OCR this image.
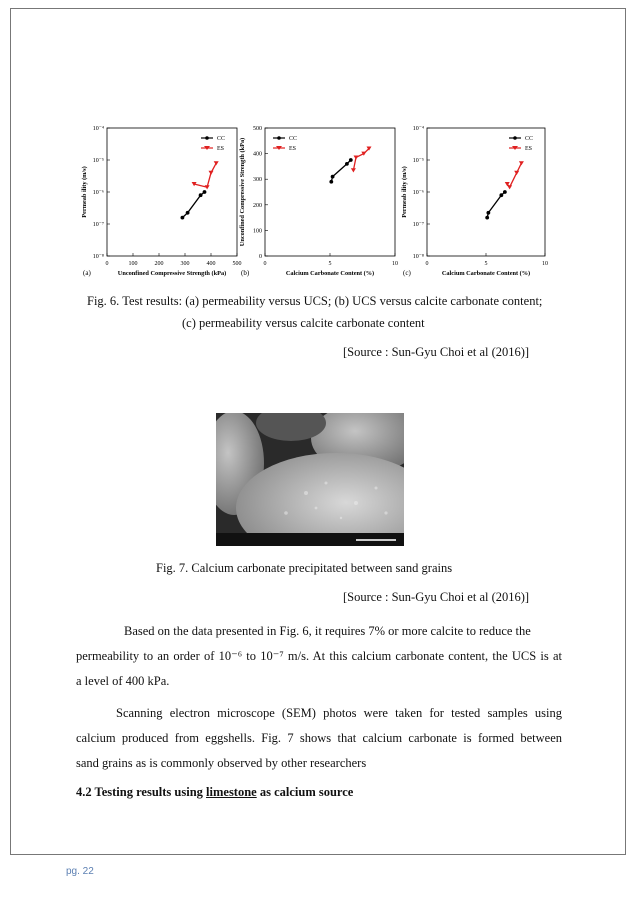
0	100	200	300	400	500
10⁻⁸
10⁻⁷
10⁻⁶
10⁻⁵
10⁻⁴
Unconfined Compressive Strength (kPa)
Permeab ility (m/s)
(a)
CC
ES
0	5	10
0
100
200
300
400
500
Calcium Carbonate Content (%)
Unconfined Compressive Strength (kPa)
(b)
CC
ES
0	5	10
10⁻⁸
10⁻⁷
10⁻⁶
10⁻⁵
10⁻⁴
Calcium Carbonate Content (%)
Permeab ility (m/s)
(c)
CC
ES
Fig. 6. Test results: (a) permeability versus UCS; (b) UCS versus calcite carbonate content;
(c) permeability versus calcite carbonate content
[Source : Sun-Gyu Choi et al (2016)]
Fig. 7. Calcium carbonate precipitated between sand grains
[Source : Sun-Gyu Choi et al (2016)]
Based on the data presented in Fig. 6, it requires 7% or more calcite to reduce the
permeability to an order of 10⁻⁶ to 10⁻⁷ m/s. At this calcium carbonate content, the UCS is at
a level of 400 kPa.
Scanning electron microscope (SEM) photos were taken for tested samples using
calcium produced from eggshells. Fig. 7 shows that calcium carbonate is formed between
sand grains as is commonly observed by other researchers
4.2 Testing results using limestone as calcium source
pg. 22
